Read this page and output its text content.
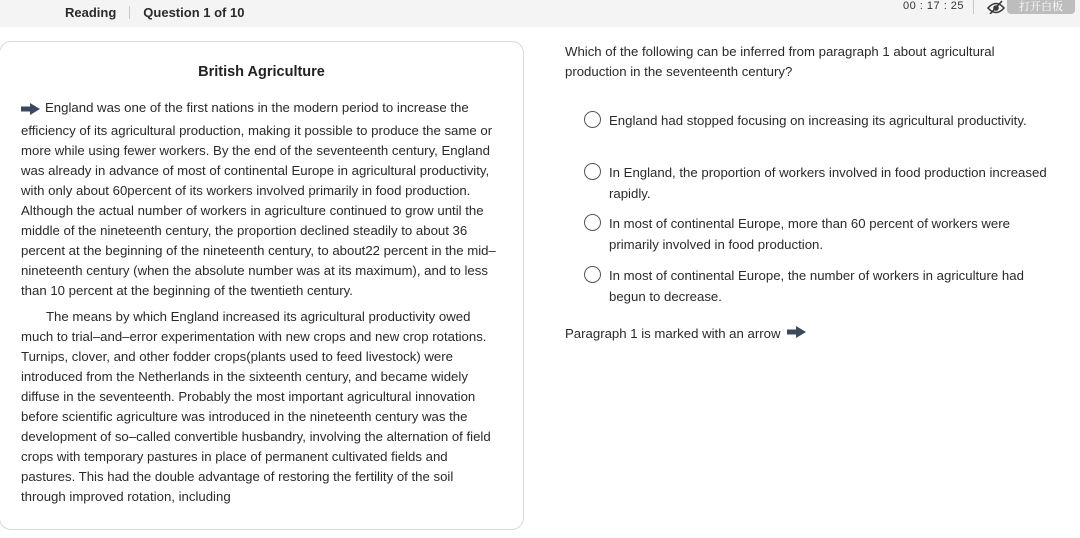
Reading Question 1 of 10	00 : 17 : 25	打开白板
British Agriculture

England was one of the first nations in the modern period to increase the efficiency of its agricultural production, making it possible to produce the same or more while using fewer workers. By the end of the seventeenth century, England was already in advance of most of continental Europe in agricultural productivity, with only about 60percent of its workers involved primarily in food production. Although the actual number of workers in agriculture continued to grow until the middle of the nineteenth century, the proportion declined steadily to about 36 percent at the beginning of the nineteenth century, to about22 percent in the mid–nineteenth century (when the absolute number was at its maximum), and to less than 10 percent at the beginning of the twentieth century.

The means by which England increased its agricultural productivity owed much to trial–and–error experimentation with new crops and new crop rotations. Turnips, clover, and other fodder crops(plants used to feed livestock) were introduced from the Netherlands in the sixteenth century, and became widely diffuse in the seventeenth. Probably the most important agricultural innovation before scientific agriculture was introduced in the nineteenth century was the development of so–called convertible husbandry, involving the alternation of field crops with temporary pastures in place of permanent cultivated fields and pastures. This had the double advantage of restoring the fertility of the soil through improved rotation, including

Which of the following can be inferred from paragraph 1 about agricultural production in the seventeenth century?
England had stopped focusing on increasing its agricultural productivity.
In England, the proportion of workers involved in food production increased rapidly.
In most of continental Europe, more than 60 percent of workers were primarily involved in food production.
In most of continental Europe, the number of workers in agriculture had begun to decrease.
Paragraph 1 is marked with an arrow
